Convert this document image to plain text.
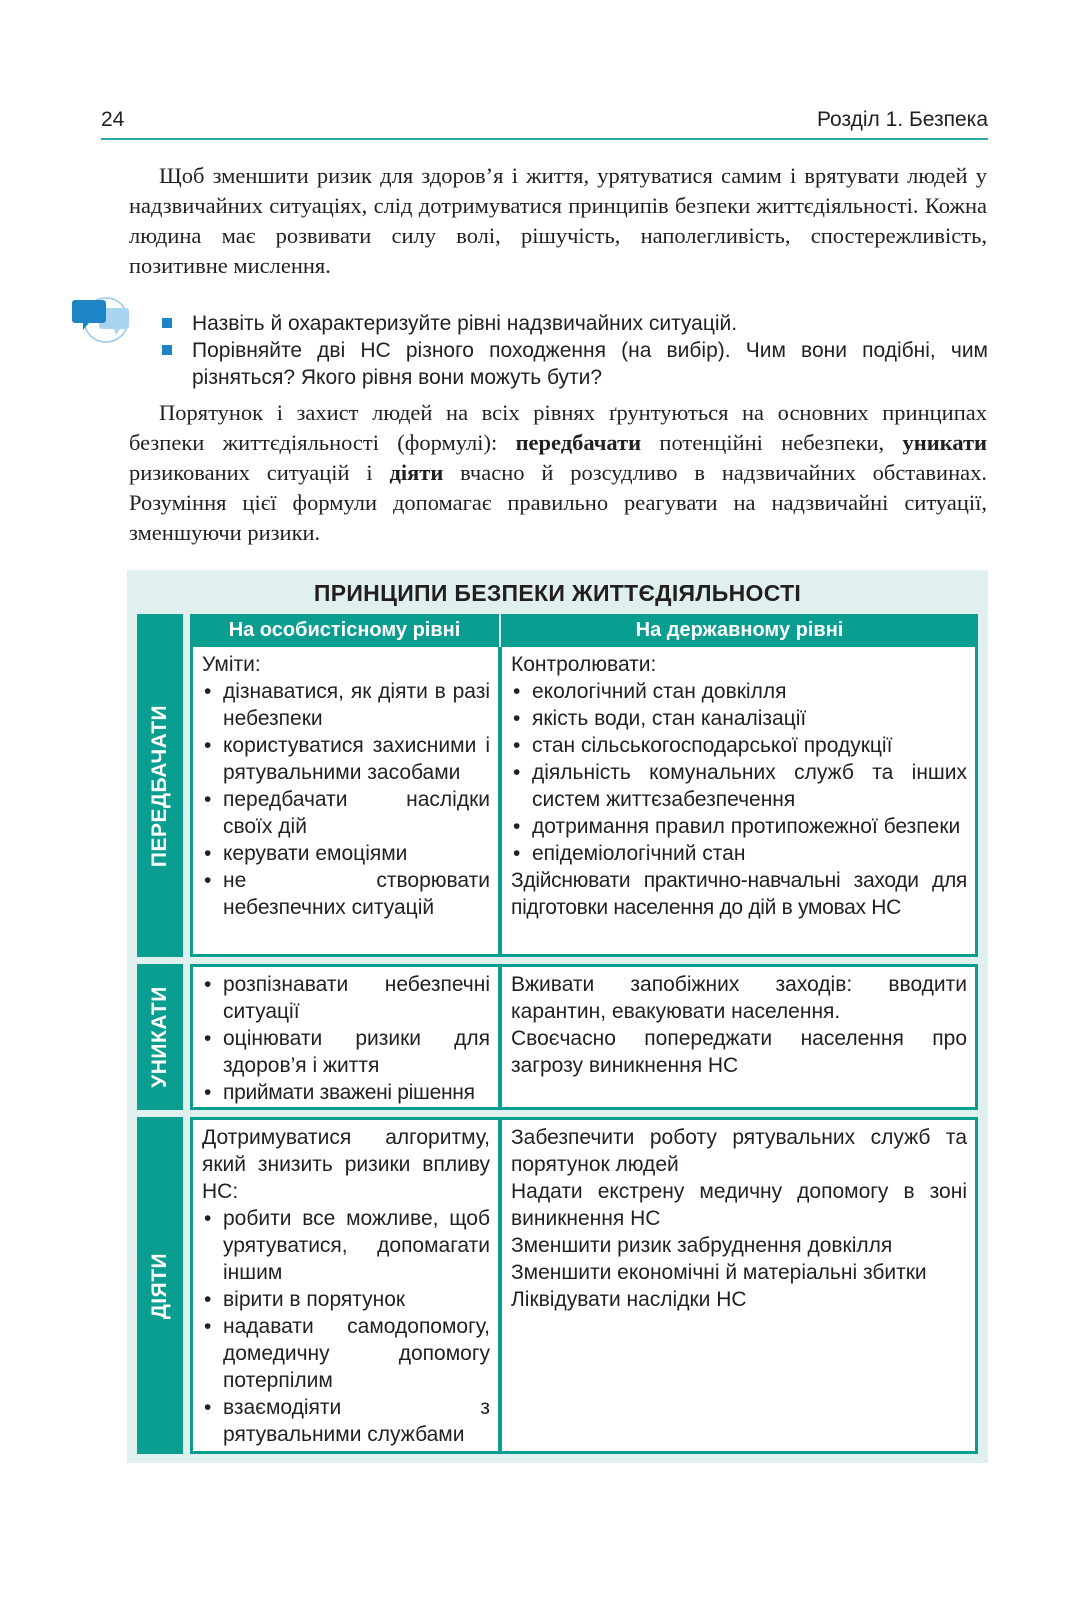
24	Розділ 1. Безпека

Щоб зменшити ризик для здоров’я і життя, урятуватися самим і врятувати людей у надзвичайних ситуаціях, слід дотримуватися принципів безпеки життєдіяльності. Кожна людина має розвивати силу волі, рішучість, наполегливість, спостережливість, позитивне мислення.

Назвіть й охарактеризуйте рівні надзвичайних ситуацій.
Порівняйте дві НС різного походження (на вибір). Чим вони подібні, чим різняться? Якого рівня вони можуть бути?

Порятунок і захист людей на всіх рівнях ґрунтуються на основних принципах безпеки життєдіяльності (формулі): передбачати потенційні небезпеки, уникати ризикованих ситуацій і діяти вчасно й розсудливо в надзвичайних обставинах. Розуміння цієї формули допомагає правильно реагувати на надзвичайні ситуації, зменшуючи ризики.

ПРИНЦИПИ БЕЗПЕКИ ЖИТТЄДІЯЛЬНОСТІ
На особистісному рівні	На державному рівні
ПЕРЕДБАЧАТИ

Уміти:

• дізнаватися, як діяти в разі небезпеки
• користуватися захисними і рятувальними засобами
• передбачати наслідки своїх дій
• керувати емоціями
• не створювати небезпечних ситуацій

Контролювати:

• екологічний стан довкілля
• якість води, стан каналізації
• стан сільськогосподарської продукції
• діяльність комунальних служб та інших систем життєзабезпечення
• дотримання правил протипожежної безпеки
• епідеміологічний стан

Здійснювати практично-навчальні заходи для підготовки населення до дій в умовах НС

УНИКАТИ
• розпізнавати небезпечні ситуації
• оцінювати ризики для здоров’я і життя
• приймати зважені рішення

Вживати запобіжних заходів: вводити карантин, евакуювати населення.

Своєчасно попереджати населення про загрозу виникнення НС

ДІЯТИ

Дотримуватися алгоритму, який знизить ризики впливу НС:

• робити все можливе, щоб урятуватися, допомагати іншим
• вірити в порятунок
• надавати самодопомогу, домедичну допомогу потерпілим
• взаємодіяти з рятувальними службами

Забезпечити роботу рятувальних служб та порятунок людей

Надати екстрену медичну допомогу в зоні виникнення НС

Зменшити ризик забруднення довкілля

Зменшити економічні й матеріальні збитки

Ліквідувати наслідки НС
